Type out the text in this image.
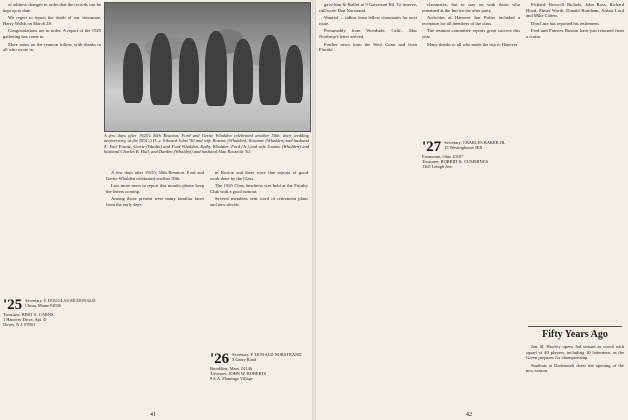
of address changes in order that the records can be kept up to date.

We regret to report the death of our classmate, Harry Walsh on March 28.

Congratulations are in order. A report of the 1925 gathering has come in.

More notes on the reunion follow, with thanks to all who wrote in.

'25 Secretary, F. DOUGLAS MCDONALD
China, Maine 04926
Treasurer, BERT A. CARNS
1 Hanover Drive, Apt. D
Dover, N.J. 07801
A few days after 1925's 50th Reunion, Ford and Gertie Whalden celebrated another 50th, their wedding anniversary, at the DOC:) (I.–r. Edward Jobst '50 and wife Roxane (Whalden), Rosanne (Whalden) and husband E. Earl Frantz, Gertie (Wanlin) and Ford Whalden, Kathy Whalden, Ford (Jr.) and wife Joanne (Whalden) and husband Charles B. Hull, and Darden (Whalden) and husband Alan Roczecki '61.

A few days after 1925's 50th Reunion. Ford and Gertie Whalden celebrated another 50th.

Lots more news to report this month; please keep the letters coming.

Among those present were many familiar faces from the early days.

in Boston and there were fine reports of good work done by the Class.

The 1925 Class luncheon was held at the Faculty Club with a good turnout.

Several members sent word of retirement plans and new travels.

'26 Secretary, F. DONALD NORSTRAND
3 Garry Road
Brookline, Mass. 02146
Treasurer, JOHN W. ROBERTS
9 S.A. Flamingo Village
41

gave him & Buffet at 9 Garretson Rd. To reserve, call/write Don Norstrand.

Wanted — tidbits from fellow classmates for next issue.

Presumably from Woodside, Calif., Mac Northrop's letter arrived.

Further news from the West Coast and from Florida.

classmates; but to stay on with those who remained at the Inn for the after party.

Activities at Hanover Inn Fisher included a reception for all members of the class.

The reunion committee reports great success this year.

Many thanks to all who made the trip to Hanover.

'27 Secretary, CHARLES BAKER JR.
15 Westinghouse Hill
Fairmount, Ohio 43107
Treasurer, ROBERT K. CUMMINGS
1165 Lehigh Ave

Pickard, Roswell Nichols, John Ross, Richard Hood, Elmer Worth, Donald Burnham, Arthur Lord and Mike Cohen.

Don Lutz has reported his retirement.

Fred and Frances Buxton have just returned from a cruise.

Fifty Years Ago

Jan. B. Hawley opens 3rd season as coach with squad of 40 players, including 10 lettermen, as the Green prepares for championship.

Students at Dartmouth cheer the opening of the new season.

42
